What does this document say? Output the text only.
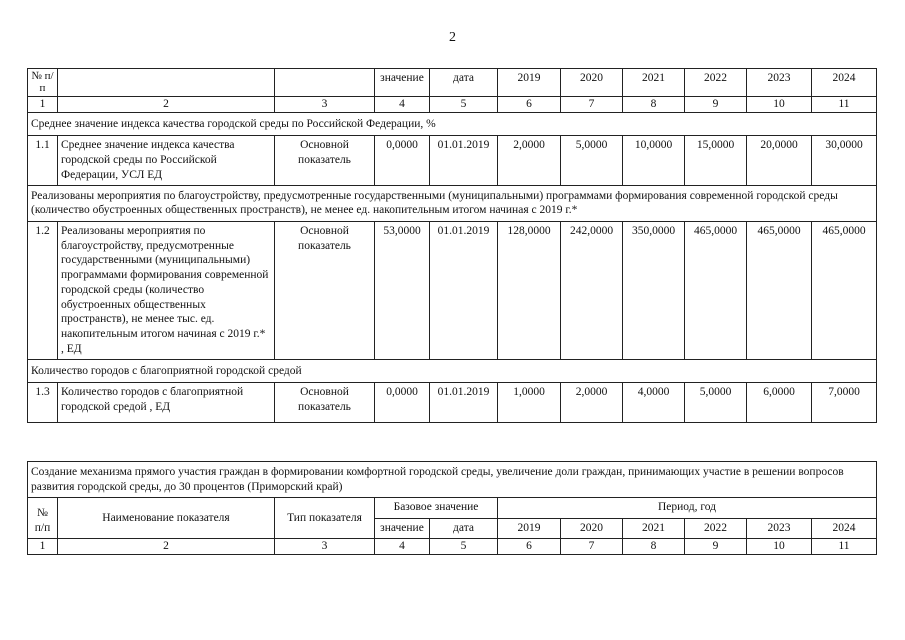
2
№ п/п			значение	дата	2019	2020	2021	2022	2023	2024
1	2	3	4	5	6	7	8	9	10	11
Среднее значение индекса качества городской среды по Российской Федерации, %										
1.1	Среднее значение индекса качества городской среды по Российской Федерации, УСЛ ЕД	Основной показатель	0,0000	01.01.2019	2,0000	5,0000	10,0000	15,0000	20,0000	30,0000
Реализованы мероприятия по благоустройству, предусмотренные государственными (муниципальными) программами формирования современной городской среды (количество обустроенных общественных пространств), не менее ед. накопительным итогом начиная с 2019 г.*										
1.2	Реализованы мероприятия по благоустройству, предусмотренные государственными (муниципальными) программами формирования современной городской среды (количество обустроенных общественных пространств), не менее тыс. ед. накопительным итогом начиная с 2019 г.* , ЕД	Основной показатель	53,0000	01.01.2019	128,0000	242,0000	350,0000	465,0000	465,0000	465,0000
Количество городов с благоприятной городской средой										
1.3	Количество городов с благоприятной городской средой , ЕД	Основной показатель	0,0000	01.01.2019	1,0000	2,0000	4,0000	5,0000	6,0000	7,0000
Создание механизма прямого участия граждан в формировании комфортной городской среды, увеличение доли граждан, принимающих участие в решении вопросов развития городской среды, до 30 процентов (Приморский край)										
№ п/п	Наименование показателя	Тип показателя	Базовое значение		Период, год					
			значение	дата	2019	2020	2021	2022	2023	2024
1	2	3	4	5	6	7	8	9	10	11
